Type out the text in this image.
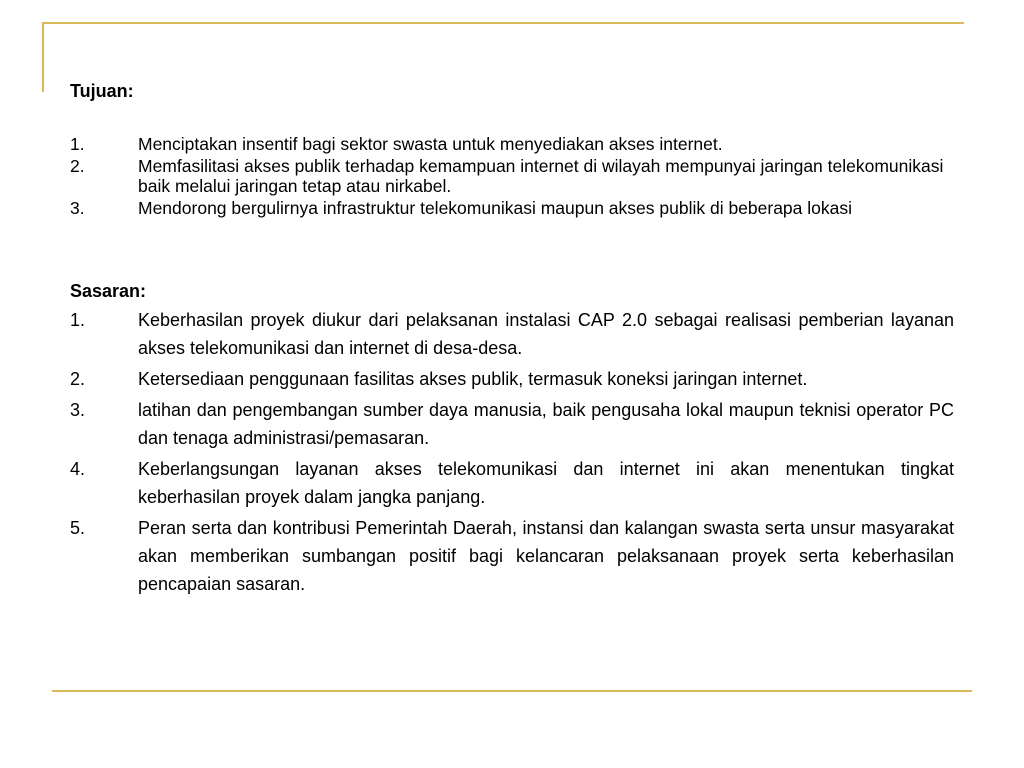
Tujuan:

1.	Menciptakan insentif bagi sektor swasta untuk menyediakan akses internet.
2.	Memfasilitasi akses publik terhadap kemampuan internet di wilayah mempunyai jaringan telekomunikasi baik melalui jaringan tetap atau nirkabel.
3.	Mendorong bergulirnya infrastruktur telekomunikasi maupun akses publik di beberapa lokasi

Sasaran:

1.	Keberhasilan proyek diukur dari pelaksanan instalasi CAP 2.0 sebagai realisasi pemberian layanan akses telekomunikasi dan internet di desa-desa.
2.	Ketersediaan penggunaan fasilitas akses publik, termasuk koneksi jaringan internet.
3.	latihan dan pengembangan sumber daya manusia, baik pengusaha lokal maupun teknisi operator PC dan tenaga administrasi/pemasaran.
4.	Keberlangsungan layanan akses telekomunikasi dan internet ini akan menentukan tingkat keberhasilan proyek dalam jangka panjang.
5.	Peran serta dan kontribusi Pemerintah Daerah, instansi dan kalangan swasta serta unsur masyarakat akan memberikan sumbangan positif bagi kelancaran pelaksanaan proyek serta keberhasilan pencapaian sasaran.
